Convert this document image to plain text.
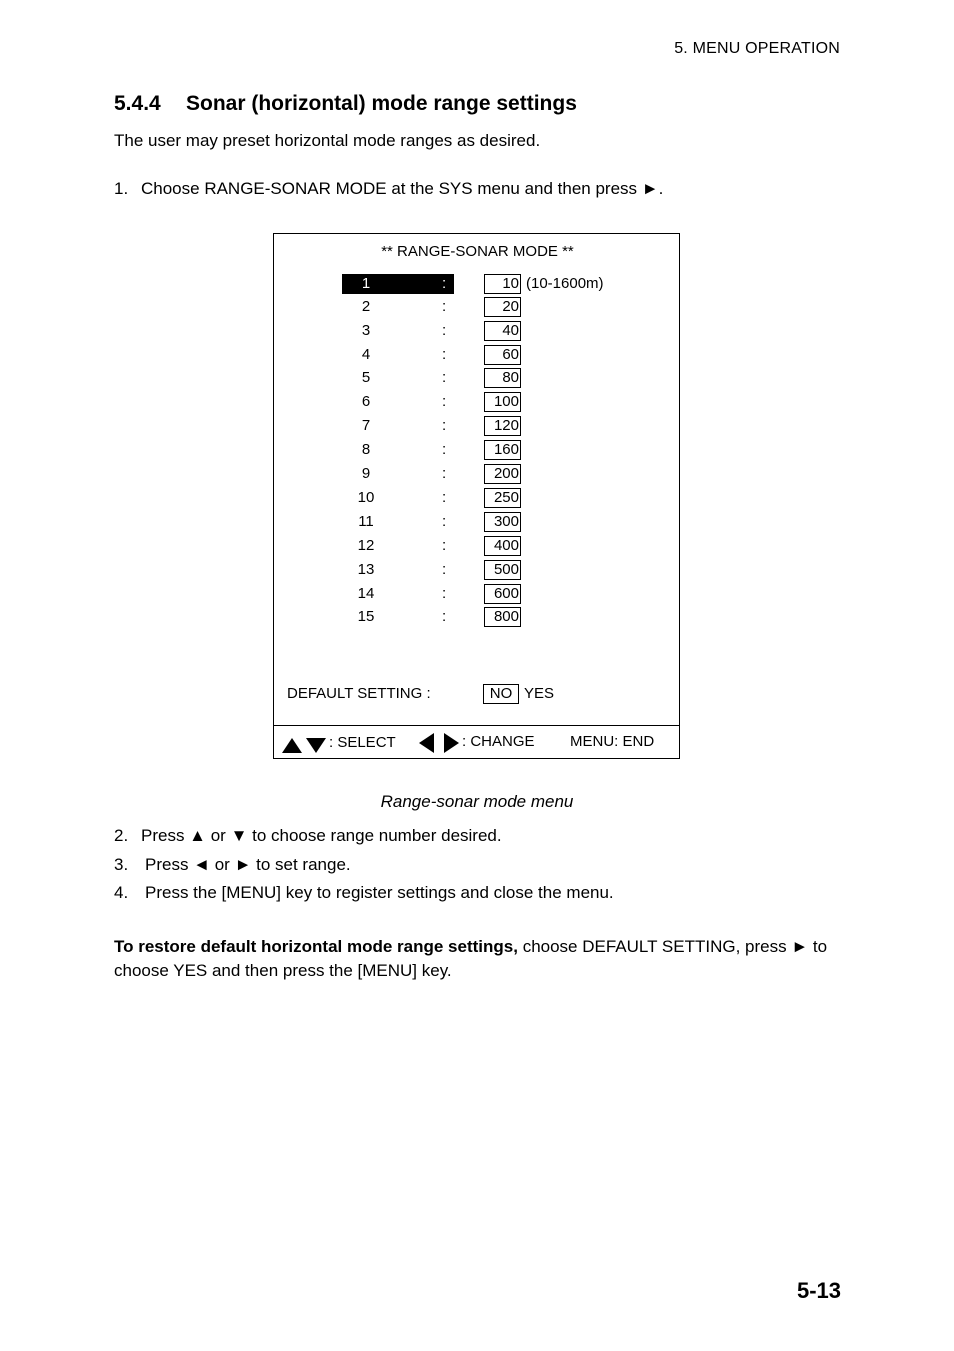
5. MENU OPERATION
5.4.4 Sonar (horizontal) mode range settings
The user may preset horizontal mode ranges as desired.
1. Choose RANGE-SONAR MODE at the SYS menu and then press ►.
** RANGE-SONAR MODE **
1	:	10 (10-1600m)
2	:	20
3	:	40
4	:	60
5	:	80
6	:	100
7	:	120
8	:	160
9	:	200
10	:	250
11	:	300
12	:	400
13	:	500
14	:	600
15	:	800
DEFAULT SETTING :	NO YES
: SELECT	: CHANGE MENU: END
Range-sonar mode menu
2. Press ▲ or ▼ to choose range number desired.
3. Press ◄ or ► to set range.
4. Press the [MENU] key to register settings and close the menu.
To restore default horizontal mode range settings, choose DEFAULT SETTING, press ► to choose YES and then press the [MENU] key.
5-13
